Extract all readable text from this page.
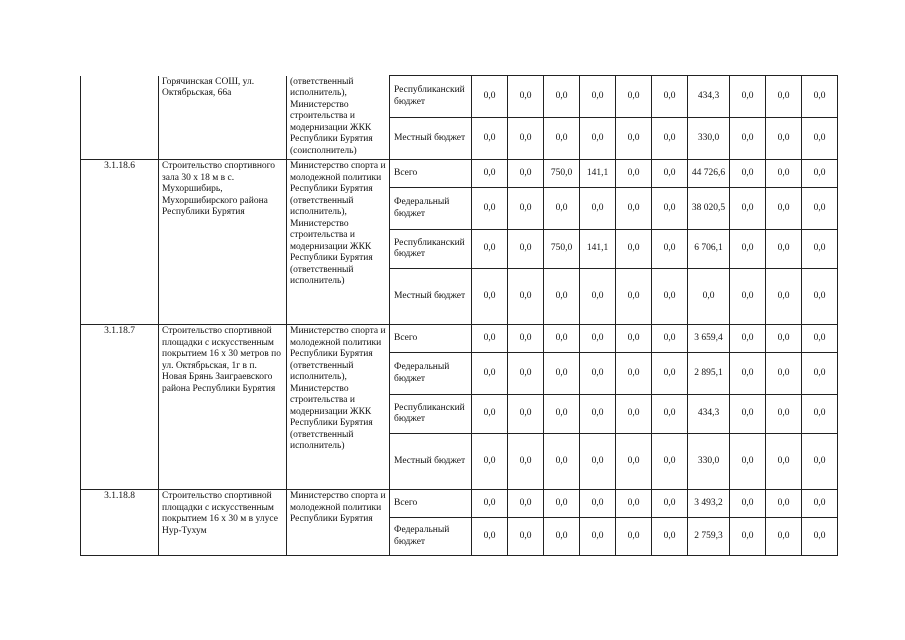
	Горячинская СОШ, ул. Октябрьская, 66а	(ответственный исполнитель), Министерство строительства и модернизации ЖКК Республики Бурятия (соисполнитель)	Республиканский бюджет	0,0	0,0	0,0	0,0	0,0	0,0	434,3	0,0	0,0	0,0
			Местный бюджет	0,0	0,0	0,0	0,0	0,0	0,0	330,0	0,0	0,0	0,0
3.1.18.6	Строительство спортивного зала 30 х 18 м в с. Мухоршибирь, Мухоршибирского района Республики Бурятия	Министерство спорта и молодежной политики Республики Бурятия (ответственный исполнитель), Министерство строительства и модернизации ЖКК Республики Бурятия (ответственный исполнитель)	Всего	0,0	0,0	750,0	141,1	0,0	0,0	44 726,6	0,0	0,0	0,0
			Федеральный бюджет	0,0	0,0	0,0	0,0	0,0	0,0	38 020,5	0,0	0,0	0,0
			Республиканский бюджет	0,0	0,0	750,0	141,1	0,0	0,0	6 706,1	0,0	0,0	0,0
			Местный бюджет	0,0	0,0	0,0	0,0	0,0	0,0	0,0	0,0	0,0	0,0
3.1.18.7	Строительство спортивной площадки с искусственным покрытием 16 х 30 метров по ул. Октябрьская, 1г в п. Новая Брянь Заиграевского района Республики Бурятия	Министерство спорта и молодежной политики Республики Бурятия (ответственный исполнитель), Министерство строительства и модернизации ЖКК Республики Бурятия (ответственный исполнитель)	Всего	0,0	0,0	0,0	0,0	0,0	0,0	3 659,4	0,0	0,0	0,0
			Федеральный бюджет	0,0	0,0	0,0	0,0	0,0	0,0	2 895,1	0,0	0,0	0,0
			Республиканский бюджет	0,0	0,0	0,0	0,0	0,0	0,0	434,3	0,0	0,0	0,0
			Местный бюджет	0,0	0,0	0,0	0,0	0,0	0,0	330,0	0,0	0,0	0,0
3.1.18.8	Строительство спортивной площадки с искусственным покрытием 16 х 30 м в улусе Нур-Тухум	Министерство спорта и молодежной политики Республики Бурятия	Всего	0,0	0,0	0,0	0,0	0,0	0,0	3 493,2	0,0	0,0	0,0
			Федеральный бюджет	0,0	0,0	0,0	0,0	0,0	0,0	2 759,3	0,0	0,0	0,0
